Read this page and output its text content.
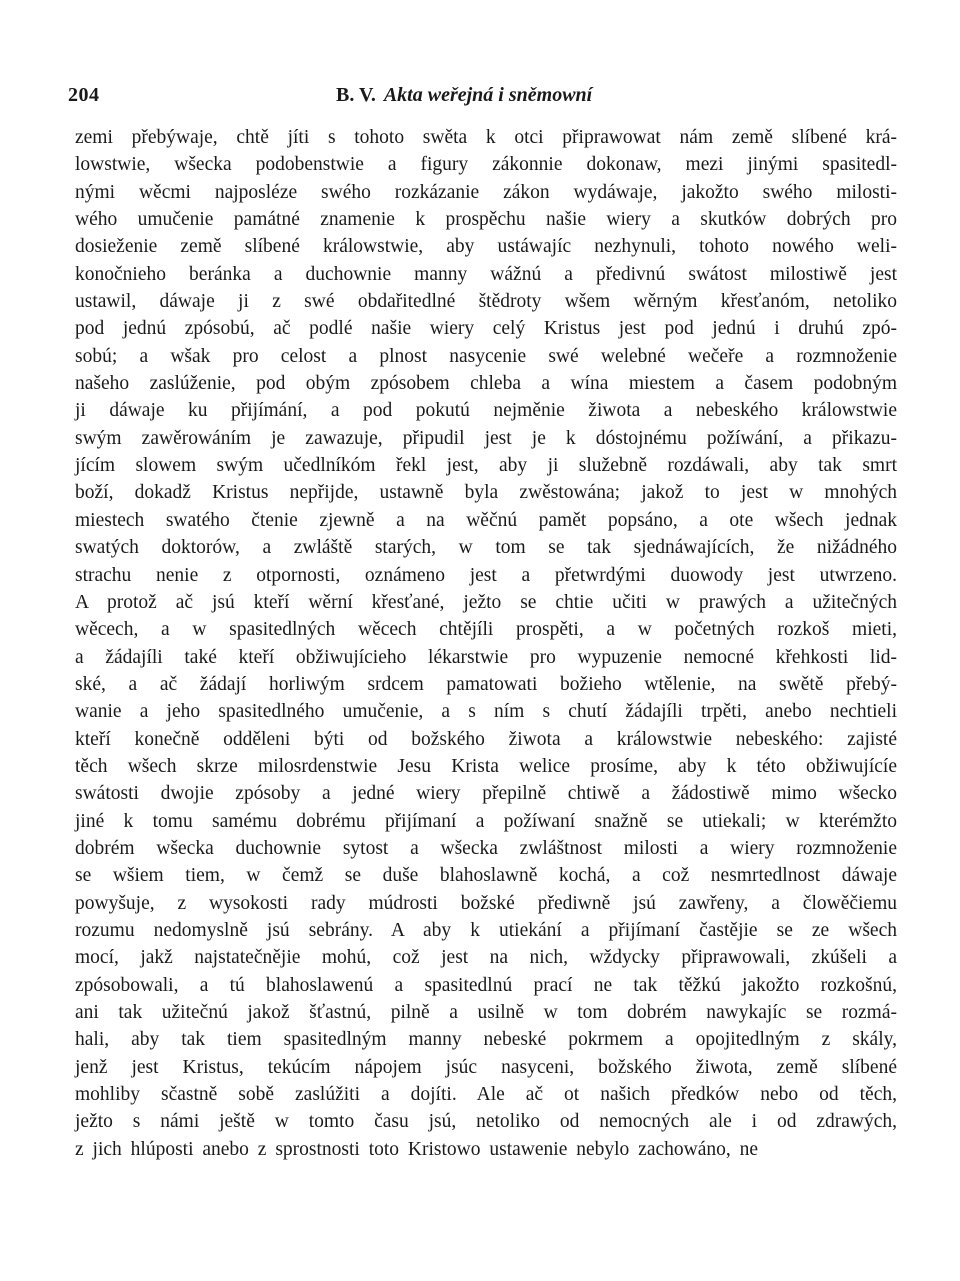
204	B. V. Akta weřejná i sněmowní
zemi přebýwaje, chtě jíti s tohoto swěta k otci připrawowat nám země slíbené krá-
lowstwie, wšecka podobenstwie a figury zákonnie dokonaw, mezi jinými spasitedl-
nými wěcmi najposléze swého rozkázanie zákon wydáwaje, jakožto swého milosti-
wého umučenie památné znamenie k prospěchu našie wiery a skutków dobrých pro
dosieženie země slíbené králowstwie, aby ustáwajíc nezhynuli, tohoto nowého weli-
konočnieho beránka a duchownie manny wážnú a předivnú swátost milostiwě jest
ustawil, dáwaje ji z swé obdařitedlné štědroty wšem wěrným křesťanóm, netoliko
pod jednú zpósobú, ač podlé našie wiery celý Kristus jest pod jednú i druhú zpó-
sobú; a wšak pro celost a plnost nasycenie swé welebné wečeře a rozmnoženie
našeho zaslúženie, pod obým zpósobem chleba a wína miestem a časem podobným
ji dáwaje ku přijímání, a pod pokutú nejměnie žiwota a nebeského králowstwie
swým zawěrowáním je zawazuje, připudil jest je k dóstojnému požíwání, a přikazu-
jícím slowem swým učedlníkóm řekl jest, aby ji služebně rozdáwali, aby tak smrt
boží, dokadž Kristus nepřijde, ustawně byla zwěstowána; jakož to jest w mnohých
miestech swatého čtenie zjewně a na wěčnú pamět popsáno, a ote wšech jednak
swatých doktorów, a zwláště starých, w tom se tak sjednáwajících, že nižádného
strachu nenie z otpornosti, oznámeno jest a přetwrdými duowody jest utwrzeno.
A protož ač jsú kteří wěrní křesťané, ježto se chtie učiti w prawých a užitečných
wěcech, a w spasitedlných wěcech chtějíli prospěti, a w početných rozkoš mieti,
a žádajíli také kteří obžiwujícieho lékarstwie pro wypuzenie nemocné křehkosti lid-
ské, a ač žádají horliwým srdcem pamatowati božieho wtělenie, na swětě přebý-
wanie a jeho spasitedlného umučenie, a s ním s chutí žádajíli trpěti, anebo nechtieli
kteří konečně odděleni býti od božského žiwota a králowstwie nebeského: zajisté
těch wšech skrze milosrdenstwie Jesu Krista welice prosíme, aby k této obžiwujícíe
swátosti dwojie zpósoby a jedné wiery přepilně chtiwě a žádostiwě mimo wšecko
jiné k tomu samému dobrému přijímaní a požíwaní snažně se utiekali; w kterémžto
dobrém wšecka duchownie sytost a wšecka zwláštnost milosti a wiery rozmnoženie
se wšiem tiem, w čemž se duše blahoslawně kochá, a což nesmrtedlnost dáwaje
powyšuje, z wysokosti rady múdrosti božské přediwně jsú zawřeny, a člowěčiemu
rozumu nedomyslně jsú sebrány. A aby k utiekání a přijímaní častějie se ze wšech
mocí, jakž najstatečnějie mohú, což jest na nich, wždycky připrawowali, zkúšeli a
zpósobowali, a tú blahoslawenú a spasitedlnú prací ne tak těžkú jakožto rozkošnú,
ani tak užitečnú jakož šťastnú, pilně a usilně w tom dobrém nawykajíc se rozmá-
hali, aby tak tiem spasitedlným manny nebeské pokrmem a opojitedlným z skály,
jenž jest Kristus, tekúcím nápojem jsúc nasyceni, božského žiwota, země slíbené
mohliby sčastně sobě zaslúžiti a dojíti. Ale ač ot našich předków nebo od těch,
ježto s námi ještě w tomto času jsú, netoliko od nemocných ale i od zdrawých,
z jich hlúposti anebo z sprostnosti toto Kristowo ustawenie nebylo zachowáno, ne
